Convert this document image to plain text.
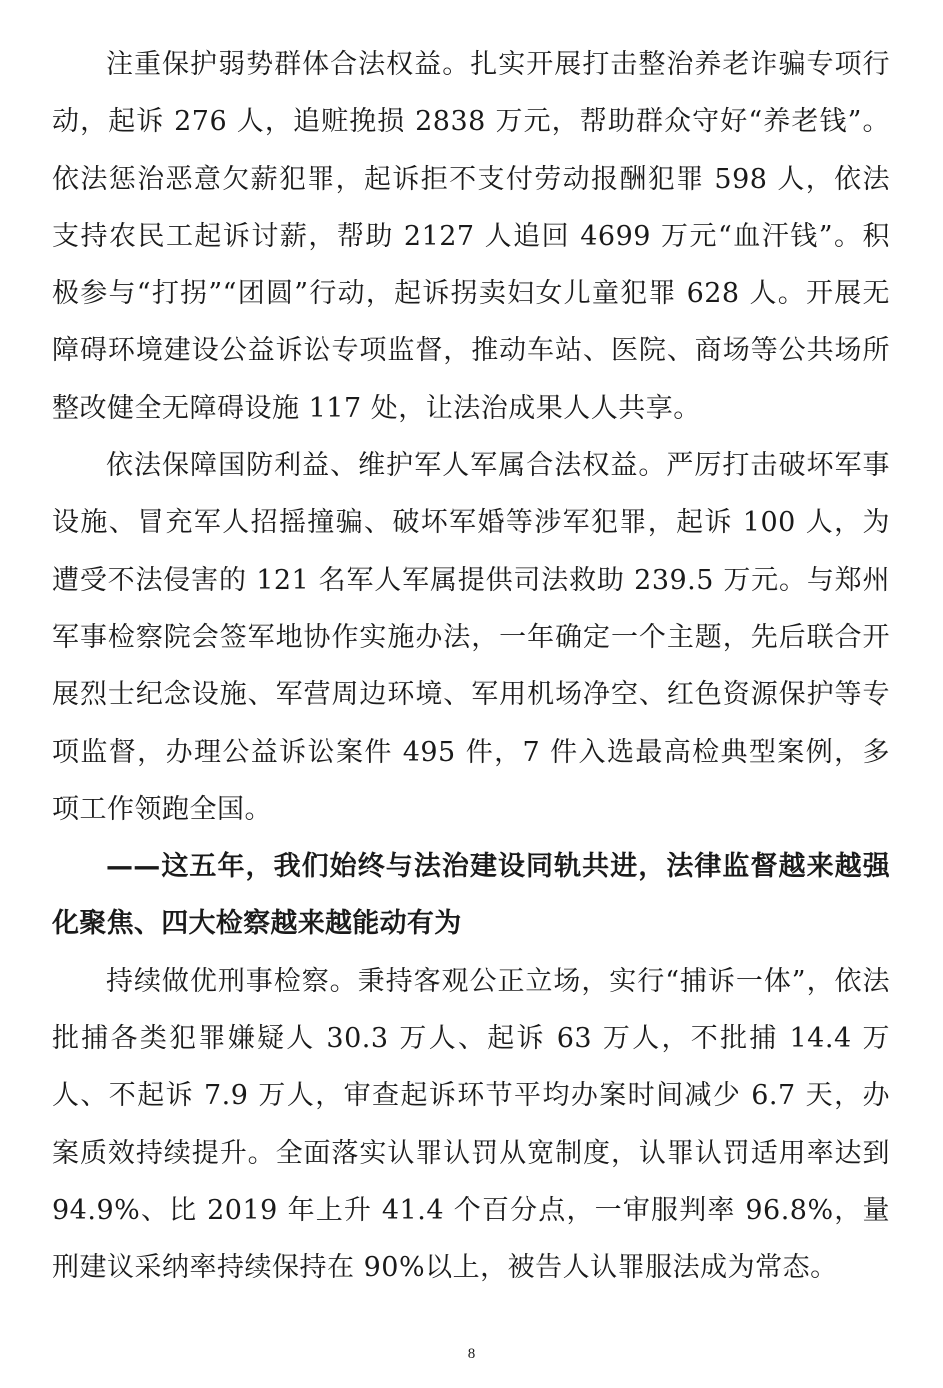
注重保护弱势群体合法权益。扎实开展打击整治养老诈骗专项行动，起诉 276 人，追赃挽损 2838 万元，帮助群众守好“养老钱”。依法惩治恶意欠薪犯罪，起诉拒不支付劳动报酬犯罪 598 人，依法支持农民工起诉讨薪，帮助 2127 人追回 4699 万元“血汗钱”。积极参与“打拐”“团圆”行动，起诉拐卖妇女儿童犯罪 628 人。开展无障碍环境建设公益诉讼专项监督，推动车站、医院、商场等公共场所整改健全无障碍设施 117 处，让法治成果人人共享。

依法保障国防利益、维护军人军属合法权益。严厉打击破坏军事设施、冒充军人招摇撞骗、破坏军婚等涉军犯罪，起诉 100 人，为遭受不法侵害的 121 名军人军属提供司法救助 239.5 万元。与郑州军事检察院会签军地协作实施办法，一年确定一个主题，先后联合开展烈士纪念设施、军营周边环境、军用机场净空、红色资源保护等专项监督，办理公益诉讼案件 495 件，7 件入选最高检典型案例，多项工作领跑全国。

——这五年，我们始终与法治建设同轨共进，法律监督越来越强化聚焦、四大检察越来越能动有为

持续做优刑事检察。秉持客观公正立场，实行“捕诉一体”，依法批捕各类犯罪嫌疑人 30.3 万人、起诉 63 万人，不批捕 14.4 万人、不起诉 7.9 万人，审查起诉环节平均办案时间减少 6.7 天，办案质效持续提升。全面落实认罪认罚从宽制度，认罪认罚适用率达到 94.9%、比 2019 年上升 41.4 个百分点，一审服判率 96.8%，量刑建议采纳率持续保持在 90%以上，被告人认罪服法成为常态。

8
